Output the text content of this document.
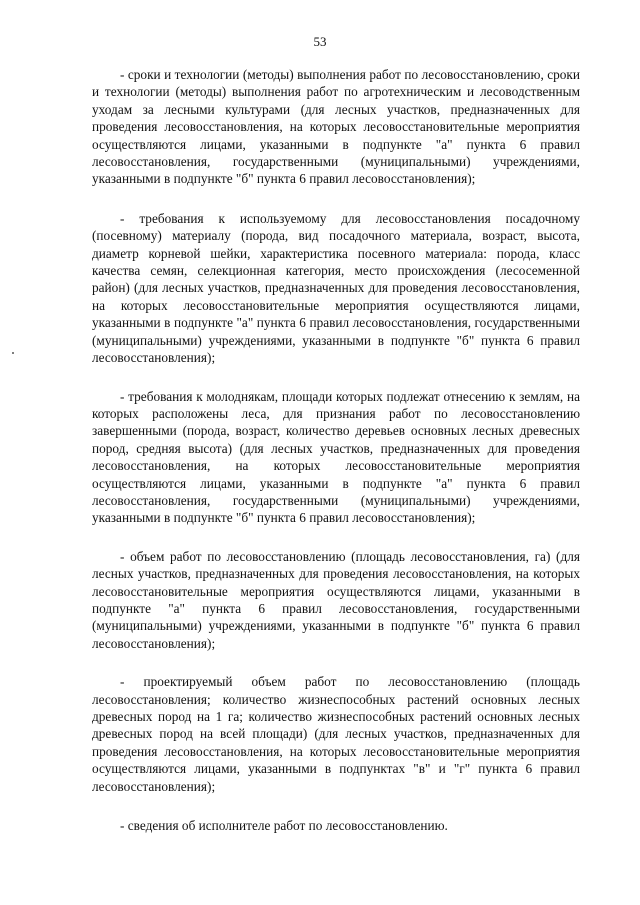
53

- сроки и технологии (методы) выполнения работ по лесовосстановлению, сроки и технологии (методы) выполнения работ по агротехническим и лесоводственным уходам за лесными культурами (для лесных участков, предназначенных для проведения лесовосстановления, на которых лесовосстановительные мероприятия осуществляются лицами, указанными в подпункте "а" пункта 6 правил лесовосстановления, государственными (муниципальными) учреждениями, указанными в подпункте "б" пункта 6 правил лесовосстановления);

- требования к используемому для лесовосстановления посадочному (посевному) материалу (порода, вид посадочного материала, возраст, высота, диаметр корневой шейки, характеристика посевного материала: порода, класс качества семян, селекционная категория, место происхождения (лесосеменной район) (для лесных участков, предназначенных для проведения лесовосстановления, на которых лесовосстановительные мероприятия осуществляются лицами, указанными в подпункте "а" пункта 6 правил лесовосстановления, государственными (муниципальными) учреждениями, указанными в подпункте "б" пункта 6 правил лесовосстановления);

- требования к молоднякам, площади которых подлежат отнесению к землям, на которых расположены леса, для признания работ по лесовосстановлению завершенными (порода, возраст, количество деревьев основных лесных древесных пород, средняя высота) (для лесных участков, предназначенных для проведения лесовосстановления, на которых лесовосстановительные мероприятия осуществляются лицами, указанными в подпункте "а" пункта 6 правил лесовосстановления, государственными (муниципальными) учреждениями, указанными в подпункте "б" пункта 6 правил лесовосстановления);

- объем работ по лесовосстановлению (площадь лесовосстановления, га) (для лесных участков, предназначенных для проведения лесовосстановления, на которых лесовосстановительные мероприятия осуществляются лицами, указанными в подпункте "а" пункта 6 правил лесовосстановления, государственными (муниципальными) учреждениями, указанными в подпункте "б" пункта 6 правил лесовосстановления);

- проектируемый объем работ по лесовосстановлению (площадь лесовосстановления; количество жизнеспособных растений основных лесных древесных пород на 1 га; количество жизнеспособных растений основных лесных древесных пород на всей площади) (для лесных участков, предназначенных для проведения лесовосстановления, на которых лесовосстановительные мероприятия осуществляются лицами, указанными в подпунктах "в" и "г" пункта 6 правил лесовосстановления);

- сведения об исполнителе работ по лесовосстановлению.
